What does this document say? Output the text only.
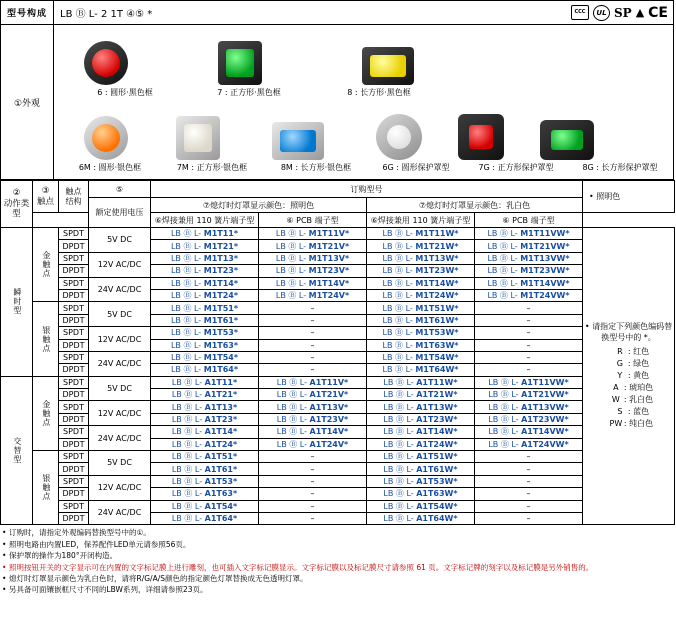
型号构成	LB Ⓑ L- 2 1T ④⑤ *	CCC	UL SP ▲ CE
①外观
6 : 圆形·黑色框	7 : 正方形·黑色框	8 : 长方形·黑色框
6M : 圆形·银色框	7M : 正方形·银色框	8M : 长方形·银色框	6G : 圆形保护罩型	7G : 正方形保护罩型	8G : 长方形保护罩型
②
动作类型	③
触点	触点
结构	⑤	订购型号				• 照明色
			额定使用电压	⑦熄灯时灯罩显示颜色：照明色		⑦熄灯时灯罩显示颜色：乳白色		
				⑥焊接兼用 110 簧片端子型	⑥ PCB 端子型	⑥焊接兼用 110 簧片端子型	⑥ PCB 端子型
瞬时型	金触点	SPDT	5V DC	LB Ⓑ L- M1T11*	LB Ⓑ L- M1T11V*	LB Ⓑ L- M1T11W*	LB Ⓑ L- M1T11VW*	
• 请指定下列颜色编码替换型号中的 *。
R : 红色
G : 绿色
Y : 黄色
A : 琥珀色
W : 乳白色
S : 蓝色
PW : 纯白色

		DPDT		LB Ⓑ L- M1T21*	LB Ⓑ L- M1T21V*	LB Ⓑ L- M1T21W*	LB Ⓑ L- M1T21VW*	
		SPDT	12V AC/DC	LB Ⓑ L- M1T13*	LB Ⓑ L- M1T13V*	LB Ⓑ L- M1T13W*	LB Ⓑ L- M1T13VW*	
		DPDT		LB Ⓑ L- M1T23*	LB Ⓑ L- M1T23V*	LB Ⓑ L- M1T23W*	LB Ⓑ L- M1T23VW*	
		SPDT	24V AC/DC	LB Ⓑ L- M1T14*	LB Ⓑ L- M1T14V*	LB Ⓑ L- M1T14W*	LB Ⓑ L- M1T14VW*	
		DPDT		LB Ⓑ L- M1T24*	LB Ⓑ L- M1T24V*	LB Ⓑ L- M1T24W*	LB Ⓑ L- M1T24VW*	
	银触点	SPDT	5V DC	LB Ⓑ L- M1T51*	–	LB Ⓑ L- M1T51W*	–	
		DPDT		LB Ⓑ L- M1T61*	–	LB Ⓑ L- M1T61W*	–	
		SPDT	12V AC/DC	LB Ⓑ L- M1T53*	–	LB Ⓑ L- M1T53W*	–	
		DPDT		LB Ⓑ L- M1T63*	–	LB Ⓑ L- M1T63W*	–	
		SPDT	24V AC/DC	LB Ⓑ L- M1T54*	–	LB Ⓑ L- M1T54W*	–	
		DPDT		LB Ⓑ L- M1T64*	–	LB Ⓑ L- M1T64W*	–	
交替型	金触点	SPDT	5V DC	LB Ⓑ L- A1T11*	LB Ⓑ L- A1T11V*	LB Ⓑ L- A1T11W*	LB Ⓑ L- A1T11VW*	
		DPDT		LB Ⓑ L- A1T21*	LB Ⓑ L- A1T21V*	LB Ⓑ L- A1T21W*	LB Ⓑ L- A1T21VW*	
		SPDT	12V AC/DC	LB Ⓑ L- A1T13*	LB Ⓑ L- A1T13V*	LB Ⓑ L- A1T13W*	LB Ⓑ L- A1T13VW*	
		DPDT		LB Ⓑ L- A1T23*	LB Ⓑ L- A1T23V*	LB Ⓑ L- A1T23W*	LB Ⓑ L- A1T23VW*	
		SPDT	24V AC/DC	LB Ⓑ L- A1T14*	LB Ⓑ L- A1T14V*	LB Ⓑ L- A1T14W*	LB Ⓑ L- A1T14VW*	
		DPDT		LB Ⓑ L- A1T24*	LB Ⓑ L- A1T24V*	LB Ⓑ L- A1T24W*	LB Ⓑ L- A1T24VW*	
	银触点	SPDT	5V DC	LB Ⓑ L- A1T51*	–	LB Ⓑ L- A1T51W*	–	
		DPDT		LB Ⓑ L- A1T61*	–	LB Ⓑ L- A1T61W*	–	
		SPDT	12V AC/DC	LB Ⓑ L- A1T53*	–	LB Ⓑ L- A1T53W*	–	
		DPDT		LB Ⓑ L- A1T63*	–	LB Ⓑ L- A1T63W*	–	
		SPDT	24V AC/DC	LB Ⓑ L- A1T54*	–	LB Ⓑ L- A1T54W*	–	
		DPDT		LB Ⓑ L- A1T64*	–	LB Ⓑ L- A1T64W*	–	
• 订购时，请指定外观编码替换型号中的①。
• 照明电路由内置LED，保养配件LED单元请参照56页。
• 保护罩的操作为180°开闭构造。
• 照明按钮开关的文字显示可在内置的文字标记膜上进行雕刻，也可插入文字标记膜显示。文字标记膜以及标记膜尺寸请参照 61 页。文字标记牌的刻字以及标记膜是另外销售的。
• 熄灯时灯罩显示颜色为乳白色时，请将R/G/A/S颜色的指定颜色灯罩替换成无色透明灯罩。
• 另具备可面镶嵌框尺寸不同的LBW系列，详细请参照23页。
